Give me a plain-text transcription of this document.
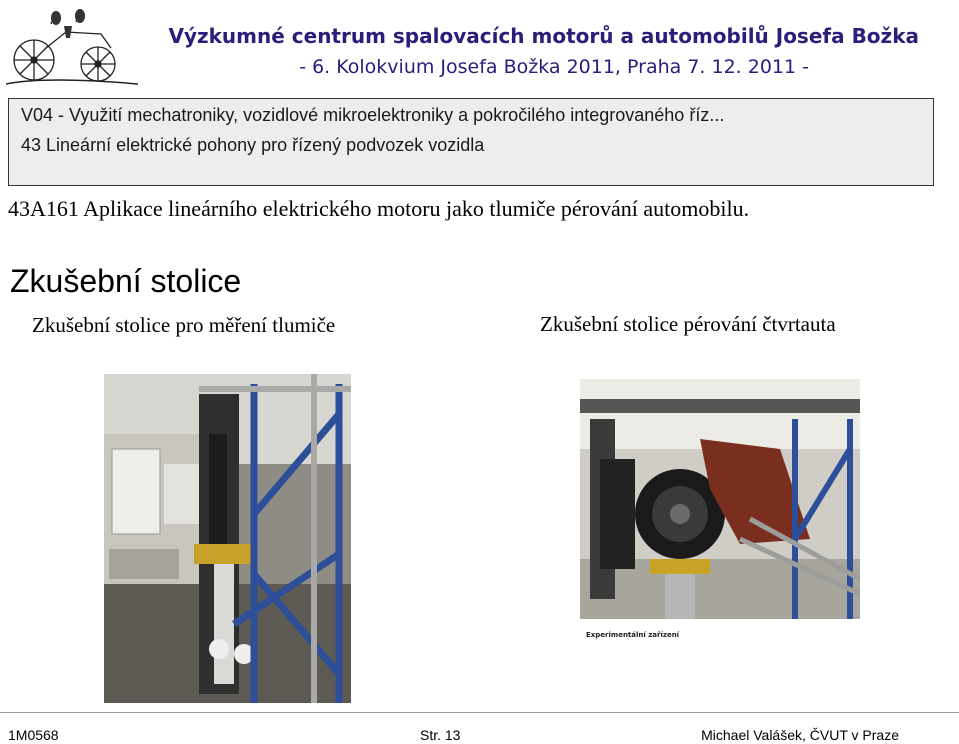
Výzkumné centrum spalovacích motorů a automobilů Josefa Božka
- 6. Kolokvium Josefa Božka 2011, Praha 7. 12. 2011 -
V04 - Využití mechatroniky, vozidlové mikroelektroniky a pokročilého integrovaného říz...
43 Lineární elektrické pohony pro řízený podvozek vozidla
43A161 Aplikace lineárního elektrického motoru jako tlumiče pérování automobilu.
Zkušební stolice
Zkušební stolice pro měření tlumiče	Zkušební stolice pérování čtvrtauta
Experimentální zařízení
1M0568	Str. 13	Michael Valášek, ČVUT v Praze
